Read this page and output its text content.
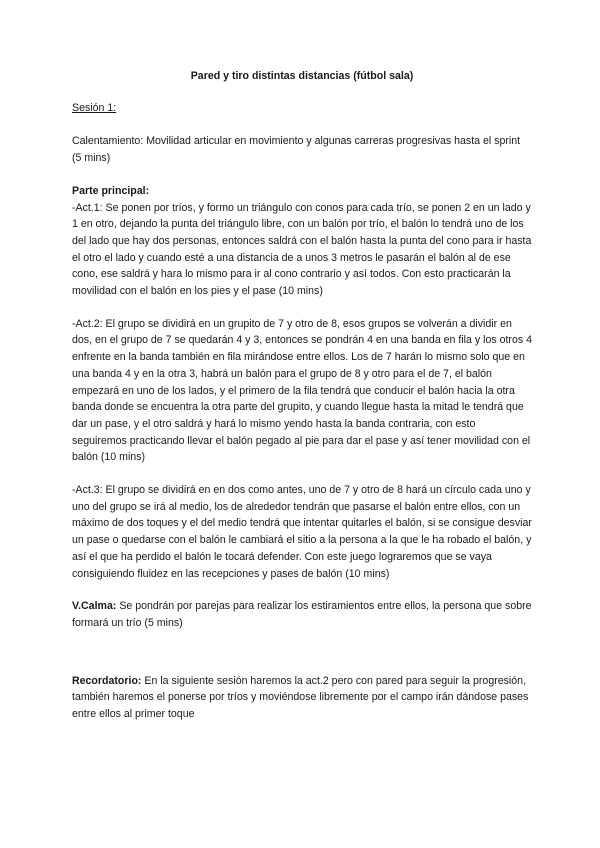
Pared y tiro distintas distancias (fútbol sala)

Sesión 1:

Calentamiento: Movilidad articular en movimiento y algunas carreras progresivas hasta el sprint (5 mins)

Parte principal:

-Act.1: Se ponen por tríos, y formo un triángulo con conos para cada trío, se ponen 2 en un lado y 1 en otro, dejando la punta del triángulo libre, con un balón por trío, el balón lo tendrá uno de los del lado que hay dos personas, entonces saldrá con el balón hasta la punta del cono para ir hasta el otro el lado y cuando esté a una distancia de a unos 3 metros le pasarán el balón al de ese cono, ese saldrá y hara lo mismo para ir al cono contrario y así todos. Con esto practicarán la movilidad con el balón en los pies y el pase (10 mins)

-Act.2: El grupo se dividirá en un grupito de 7 y otro de 8, esos grupos se volverán a dividir en dos, en el grupo de 7 se quedarán 4 y 3, entonces se pondrán 4 en una banda en fila y los otros 4 enfrente en la banda también en fila mirándose entre ellos. Los de 7 harán lo mismo solo que en una banda 4 y en la otra 3, habrá un balón para el grupo de 8 y otro para el de 7, el balón empezará en uno de los lados, y el primero de la fila tendrá que conducir el balón hacia la otra banda donde se encuentra la otra parte del grupito, y cuando llegue hasta la mitad le tendrá que dar un pase, y el otro saldrá y hará lo mismo yendo hasta la banda contraria, con esto seguiremos practicando llevar el balón pegado al pie para dar el pase y así tener movilidad con el balón (10 mins)

-Act.3: El grupo se dividirá en en dos como antes, uno de 7 y otro de 8 hará un círculo cada uno y uno del grupo se irá al medio, los de alrededor tendrán que pasarse el balón entre ellos, con un máximo de dos toques y el del medio tendrá que intentar quitarles el balón, si se consigue desviar un pase o quedarse con el balón le cambiará el sitio a la persona a la que le ha robado el balón, y así el que ha perdido el balón le tocará defender. Con este juego lograremos que se vaya consiguiendo fluidez en las recepciones y pases de balón (10 mins)

V.Calma: Se pondrán por parejas para realizar los estiramientos entre ellos, la persona que sobre formará un trío (5 mins)

Recordatorio: En la siguiente sesión haremos la act.2 pero con pared para seguir la progresión, también haremos el ponerse por tríos y moviéndose libremente por el campo irán dándose pases entre ellos al primer toque
